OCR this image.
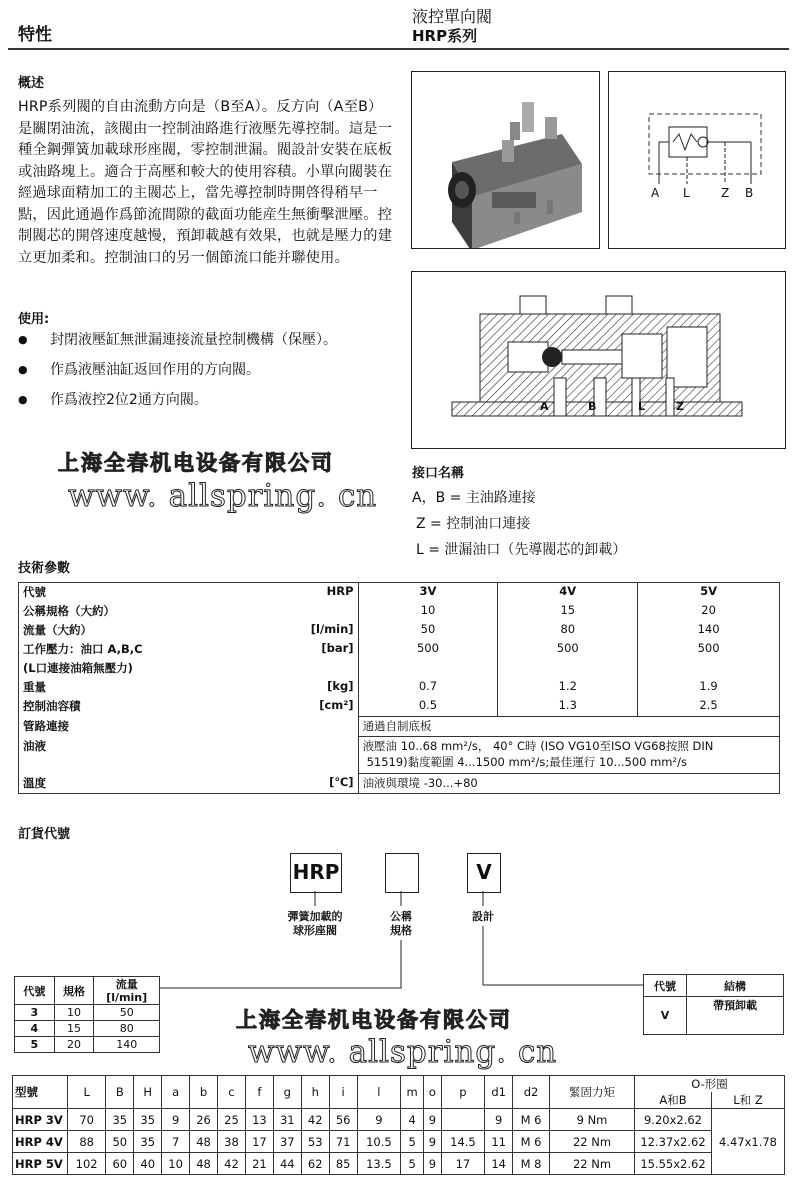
特性
液控單向閥
HRP系列
概述
HRP系列閥的自由流動方向是（B至A）。反方向（A至B）是關閉油流，該閥由一控制油路進行液壓先導控制。這是一種全鋼彈簧加載球形座閥，零控制泄漏。閥設計安裝在底板或油路塊上。適合于高壓和較大的使用容積。小單向閥裝在經過球面精加工的主閥芯上，當先導控制時開啓得稍早一點，因此通過作爲節流間隙的截面功能産生無衝擊泄壓。控制閥芯的開啓速度越慢，預卸載越有效果，也就是壓力的建立更加柔和。控制油口的另一個節流口能并聯使用。
使用:
● 封閉液壓缸無泄漏連接流量控制機構（保壓）。
● 作爲液壓油缸返回作用的方向閥。
● 作爲液控2位2通方向閥。
上海全春机电设备有限公司
www. allspring. cn
A L	Z B
A	B	L	Z
接口名稱
A，B = 主油路連接
Z = 控制油口連接
L = 泄漏油口（先導閥芯的卸載）
技術參數
代號	HRP	3V	4V	5V
公稱規格（大約）		10	15	20
流量（大約）	[l/min]	50	80	140
工作壓力：油口 A,B,C	[bar]	500	500	500
(L口連接油箱無壓力)				
重量	[kg]	0.7	1.2	1.9
控制油容積	[cm²]	0.5	1.3	2.5
管路連接		通過自制底板		
油液		液壓油 10..68 mm²/s， 40° C時 (ISO VG10至ISO VG68按照 DIN
51519)黏度範圍 4...1500 mm²/s;最佳運行 10...500 mm²/s		

溫度	[℃]	油液與環境 -30...+80		
訂貨代號
HRP	V
彈簧加載的
球形座閥
公稱
規格
設計
代號	規格	流量
[l/min]

3	10	50
4	15	80
5	20	140
代號	結構
V	帶預卸載
上海全春机电设备有限公司
www. allspring. cn
型號	L	B	H	a	b	c	f	g	h	i	l	m	o	p	d1	d2	緊固力矩	O-形圈	
																		A和B	L和 Z
HRP 3V	70	35	35	9	26	25	13	31	42	56	9	4	9		9	M 6	9 Nm	9.20x2.62	4.47x1.78
HRP 4V	88	50	35	7	48	38	17	37	53	71	10.5	5	9	14.5	11	M 6	22 Nm	12.37x2.62	
HRP 5V	102	60	40	10	48	42	21	44	62	85	13.5	5	9	17	14	M 8	22 Nm	15.55x2.62	
